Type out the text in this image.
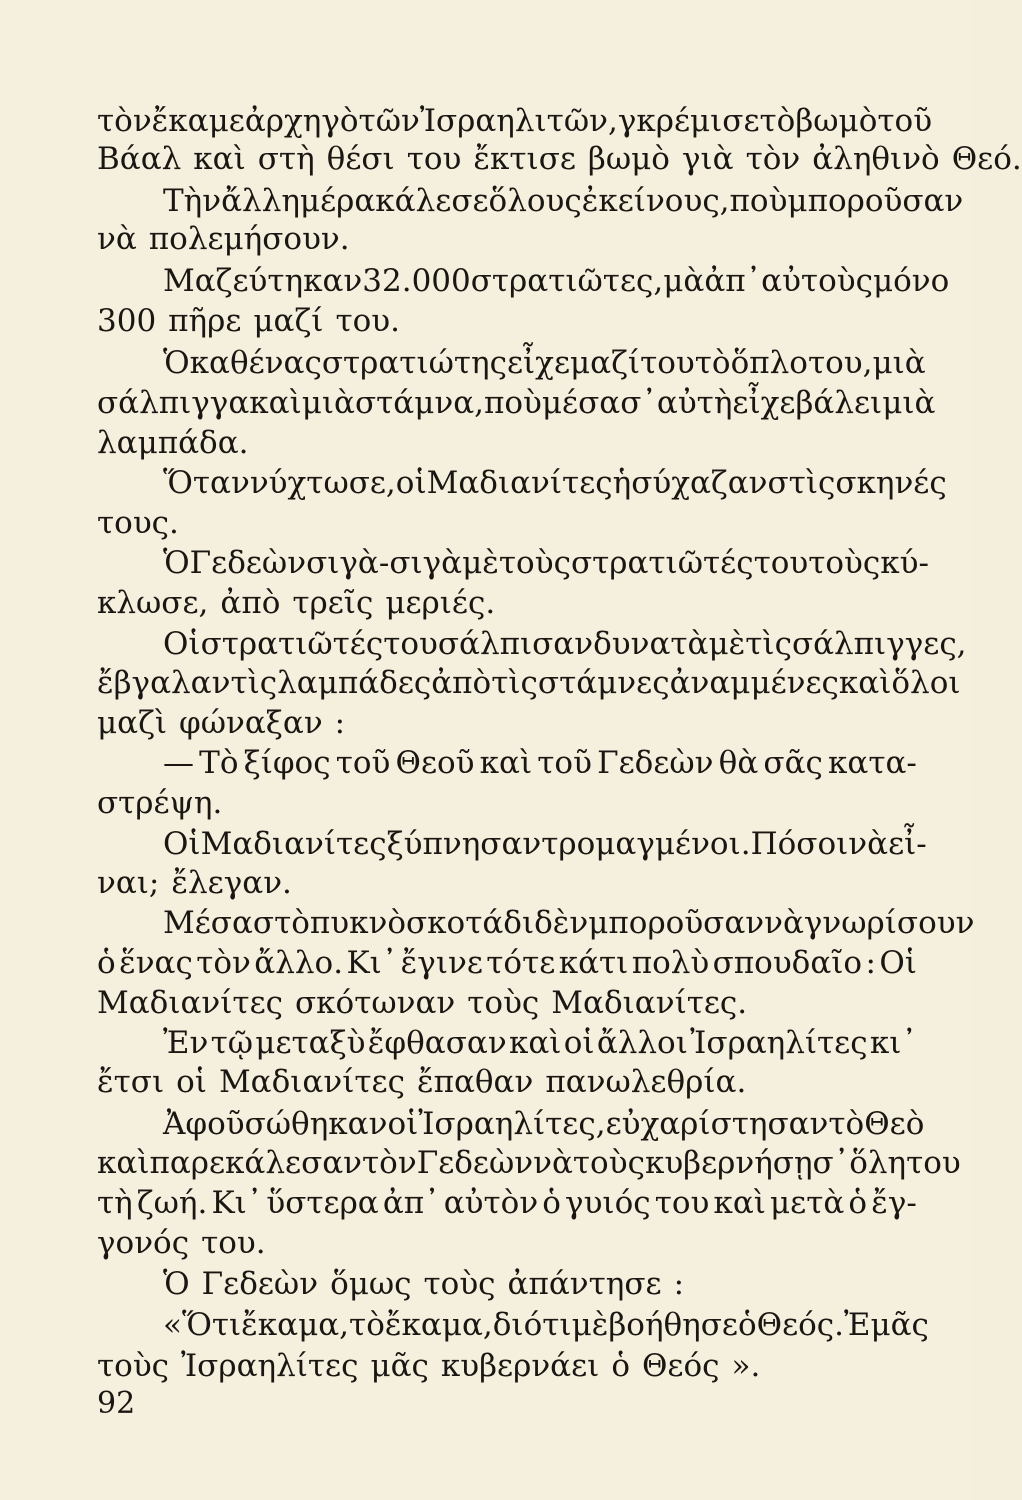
τὸν ἔκαμε ἀρχηγὸ τῶν Ἰσραηλιτῶν, γκρέμισε τὸ βωμὸ τοῦ
Βάαλ καὶ στὴ θέσι του ἔκτισε βωμὸ γιὰ τὸν ἀληθινὸ Θεό.
Τὴν ἄλλη μέρα κάλεσε ὅλους ἐκείνους, ποὺ μποροῦσαν
νὰ πολεμήσουν.
Μαζεύτηκαν 32.000 στρατιῶτες, μὰ ἀπ᾿ αὐτοὺς μόνο
300 πῆρε μαζί του.
Ὁ καθένας στρατιώτης εἶχε μαζί του τὸ ὅπλο του, μιὰ
σάλπιγγα καὶ μιὰ στάμνα, ποὺ μέσα σ᾿ αὐτὴ εἶχε βάλει μιὰ
λαμπάδα.
Ὅταν νύχτωσε, οἱ Μαδιανίτες ἡσύχαζαν στὶς σκηνές
τους.
Ὁ Γεδεὼν σιγὰ - σιγὰ μὲ τοὺς στρατιῶτές του τοὺς κύ-
κλωσε, ἀπὸ τρεῖς μεριές.
Οἱ στρατιῶτές του σάλπισαν δυνατὰ μὲ τὶς σάλπιγγες,
ἔβγαλαν τὶς λαμπάδες ἀπὸ τὶς στάμνες ἀναμμένες καὶ ὅλοι
μαζὶ φώναξαν :
— Τὸ ξίφος τοῦ Θεοῦ καὶ τοῦ Γεδεὼν θὰ σᾶς κατα-
στρέψη.
Οἱ Μαδιανίτες ξύπνησαν τρομαγμένοι. Πόσοι νὰ εἶ-
ναι; ἔλεγαν.
Μέσα στὸ πυκνὸ σκοτάδι δὲν μποροῦσαν νὰ γνωρίσουν
ὁ ἕνας τὸν ἄλλο. Κι᾿ ἔγινε τότε κάτι πολὺ σπουδαῖο : Οἱ
Μαδιανίτες σκότωναν τοὺς Μαδιανίτες.
Ἐν τῷ μεταξὺ ἔφθασαν καὶ οἱ ἄλλοι Ἰσραηλίτες κι᾿
ἔτσι οἱ Μαδιανίτες ἔπαθαν πανωλεθρία.
Ἀφοῦ σώθηκαν οἱ Ἰσραηλίτες, εὐχαρίστησαν τὸ Θεὸ
καὶ παρεκάλεσαν τὸν Γεδεὼν νὰ τοὺς κυβερνήσῃ σ᾿ ὅλη του
τὴ ζωή. Κι᾿ ὕστερα ἀπ᾿ αὐτὸν ὁ γυιός του καὶ μετὰ ὁ ἔγ-
γονός του.
Ὁ Γεδεὼν ὅμως τοὺς ἀπάντησε :
« Ὅτι ἔκαμα, τὸ ἔκαμα, διότι μὲ βοήθησε ὁ Θεός. Ἐμᾶς
τοὺς Ἰσραηλίτες μᾶς κυβερνάει ὁ Θεός ».
92
